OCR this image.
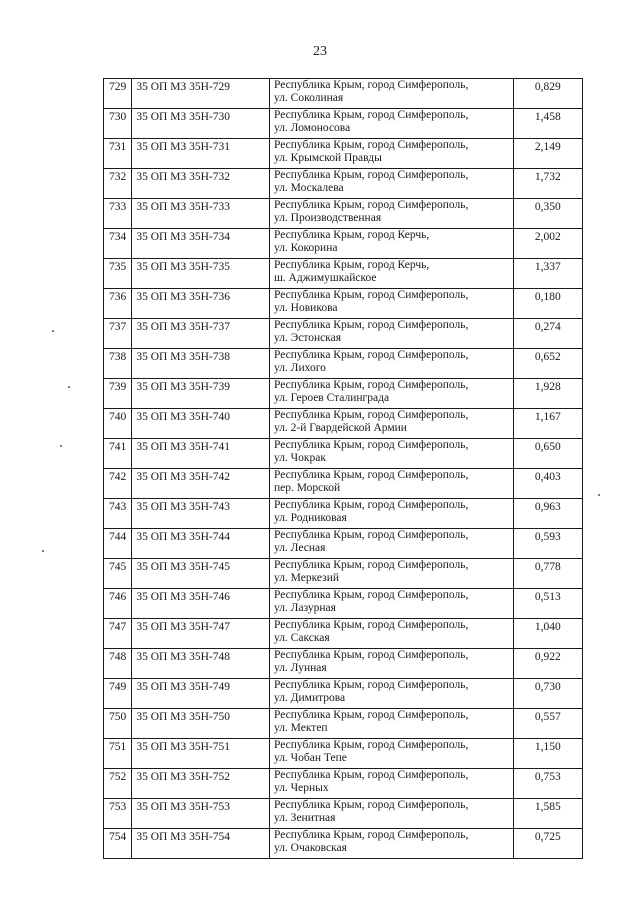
23
729	35 ОП МЗ 35Н-729	Республика Крым, город Симферополь,
ул. Соколиная	0,829
730	35 ОП МЗ 35Н-730	Республика Крым, город Симферополь,
ул. Ломоносова	1,458
731	35 ОП МЗ 35Н-731	Республика Крым, город Симферополь,
ул. Крымской Правды	2,149
732	35 ОП МЗ 35Н-732	Республика Крым, город Симферополь,
ул. Москалева	1,732
733	35 ОП МЗ 35Н-733	Республика Крым, город Симферополь,
ул. Производственная	0,350
734	35 ОП МЗ 35Н-734	Республика Крым, город Керчь,
ул. Кокорина	2,002
735	35 ОП МЗ 35Н-735	Республика Крым, город Керчь,
ш. Аджимушкайское	1,337
736	35 ОП МЗ 35Н-736	Республика Крым, город Симферополь,
ул. Новикова	0,180
737	35 ОП МЗ 35Н-737	Республика Крым, город Симферополь,
ул. Эстонская	0,274
738	35 ОП МЗ 35Н-738	Республика Крым, город Симферополь,
ул. Лихого	0,652
739	35 ОП МЗ 35Н-739	Республика Крым, город Симферополь,
ул. Героев Сталинграда	1,928
740	35 ОП МЗ 35Н-740	Республика Крым, город Симферополь,
ул. 2-й Гвардейской Армии	1,167
741	35 ОП МЗ 35Н-741	Республика Крым, город Симферополь,
ул. Чокрак	0,650
742	35 ОП МЗ 35Н-742	Республика Крым, город Симферополь,
пер. Морской	0,403
743	35 ОП МЗ 35Н-743	Республика Крым, город Симферополь,
ул. Родниковая	0,963
744	35 ОП МЗ 35Н-744	Республика Крым, город Симферополь,
ул. Лесная	0,593
745	35 ОП МЗ 35Н-745	Республика Крым, город Симферополь,
ул. Меркезий	0,778
746	35 ОП МЗ 35Н-746	Республика Крым, город Симферополь,
ул. Лазурная	0,513
747	35 ОП МЗ 35Н-747	Республика Крым, город Симферополь,
ул. Сакская	1,040
748	35 ОП МЗ 35Н-748	Республика Крым, город Симферополь,
ул. Лунная	0,922
749	35 ОП МЗ 35Н-749	Республика Крым, город Симферополь,
ул. Димитрова	0,730
750	35 ОП МЗ 35Н-750	Республика Крым, город Симферополь,
ул. Мектеп	0,557
751	35 ОП МЗ 35Н-751	Республика Крым, город Симферополь,
ул. Чобан Тепе	1,150
752	35 ОП МЗ 35Н-752	Республика Крым, город Симферополь,
ул. Черных	0,753
753	35 ОП МЗ 35Н-753	Республика Крым, город Симферополь,
ул. Зенитная	1,585
754	35 ОП МЗ 35Н-754	Республика Крым, город Симферополь,
ул. Очаковская	0,725
